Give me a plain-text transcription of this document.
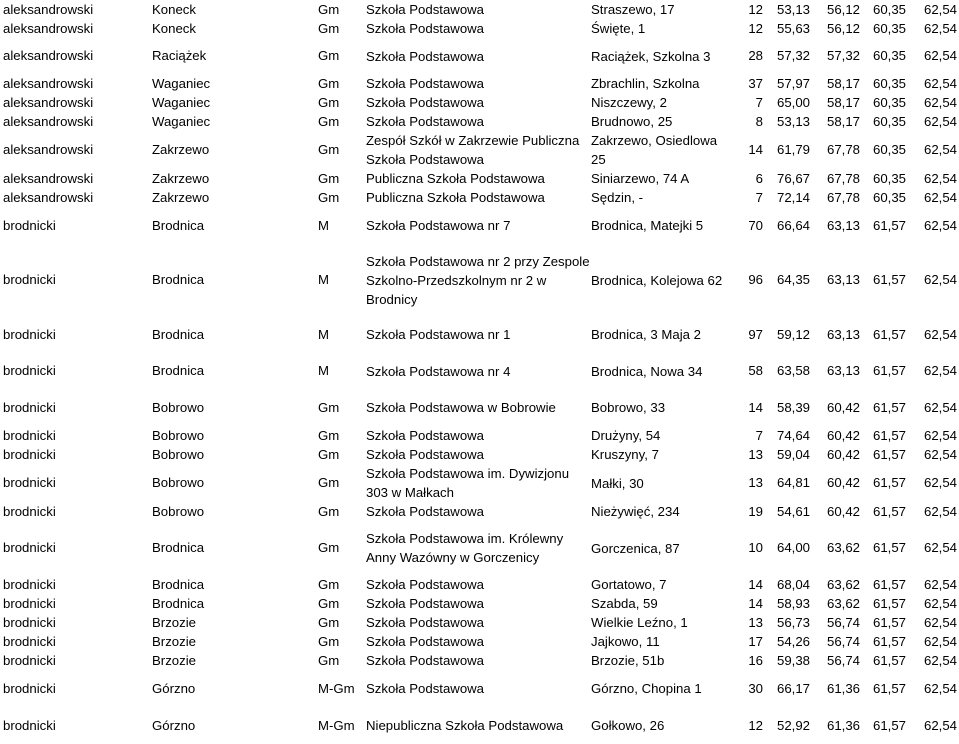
aleksandrowski	Koneck	Gm	Szkoła Podstawowa	Straszewo, 17	12	53,13	56,12	60,35	62,54
aleksandrowski	Koneck	Gm	Szkoła Podstawowa	Święte, 1	12	55,63	56,12	60,35	62,54
aleksandrowski	Raciążek	Gm	Szkoła Podstawowa	Raciążek, Szkolna 3	28	57,32	57,32	60,35	62,54
aleksandrowski	Waganiec	Gm	Szkoła Podstawowa	Zbrachlin, Szkolna	37	57,97	58,17	60,35	62,54
aleksandrowski	Waganiec	Gm	Szkoła Podstawowa	Niszczewy, 2	7	65,00	58,17	60,35	62,54
aleksandrowski	Waganiec	Gm	Szkoła Podstawowa	Brudnowo, 25	8	53,13	58,17	60,35	62,54
aleksandrowski	Zakrzewo	Gm	Zespół Szkół w Zakrzewie Publiczna Szkoła Podstawowa	Zakrzewo, Osiedlowa 25	14	61,79	67,78	60,35	62,54
aleksandrowski	Zakrzewo	Gm	Publiczna Szkoła Podstawowa	Siniarzewo, 74 A	6	76,67	67,78	60,35	62,54
aleksandrowski	Zakrzewo	Gm	Publiczna Szkoła Podstawowa	Sędzin, -	7	72,14	67,78	60,35	62,54
brodnicki	Brodnica	M	Szkoła Podstawowa nr 7	Brodnica, Matejki 5	70	66,64	63,13	61,57	62,54
brodnicki	Brodnica	M	Szkoła Podstawowa nr 2 przy Zespole Szkolno-Przedszkolnym nr 2 w Brodnicy	Brodnica, Kolejowa 62	96	64,35	63,13	61,57	62,54
brodnicki	Brodnica	M	Szkoła Podstawowa nr 1	Brodnica, 3 Maja 2	97	59,12	63,13	61,57	62,54
brodnicki	Brodnica	M	Szkoła Podstawowa nr 4	Brodnica, Nowa 34	58	63,58	63,13	61,57	62,54
brodnicki	Bobrowo	Gm	Szkoła Podstawowa w Bobrowie	Bobrowo, 33	14	58,39	60,42	61,57	62,54
brodnicki	Bobrowo	Gm	Szkoła Podstawowa	Drużyny, 54	7	74,64	60,42	61,57	62,54
brodnicki	Bobrowo	Gm	Szkoła Podstawowa	Kruszyny, 7	13	59,04	60,42	61,57	62,54
brodnicki	Bobrowo	Gm	Szkoła Podstawowa im. Dywizjonu 303 w Małkach	Małki, 30	13	64,81	60,42	61,57	62,54
brodnicki	Bobrowo	Gm	Szkoła Podstawowa	Nieżywięć, 234	19	54,61	60,42	61,57	62,54
brodnicki	Brodnica	Gm	Szkoła Podstawowa im. Królewny Anny Wazówny w Gorczenicy	Gorczenica, 87	10	64,00	63,62	61,57	62,54
brodnicki	Brodnica	Gm	Szkoła Podstawowa	Gortatowo, 7	14	68,04	63,62	61,57	62,54
brodnicki	Brodnica	Gm	Szkoła Podstawowa	Szabda, 59	14	58,93	63,62	61,57	62,54
brodnicki	Brzozie	Gm	Szkoła Podstawowa	Wielkie Leźno, 1	13	56,73	56,74	61,57	62,54
brodnicki	Brzozie	Gm	Szkoła Podstawowa	Jajkowo, 11	17	54,26	56,74	61,57	62,54
brodnicki	Brzozie	Gm	Szkoła Podstawowa	Brzozie, 51b	16	59,38	56,74	61,57	62,54
brodnicki	Górzno	M-Gm	Szkoła Podstawowa	Górzno, Chopina 1	30	66,17	61,36	61,57	62,54
brodnicki	Górzno	M-Gm	Niepubliczna Szkoła Podstawowa	Gołkowo, 26	12	52,92	61,36	61,57	62,54
